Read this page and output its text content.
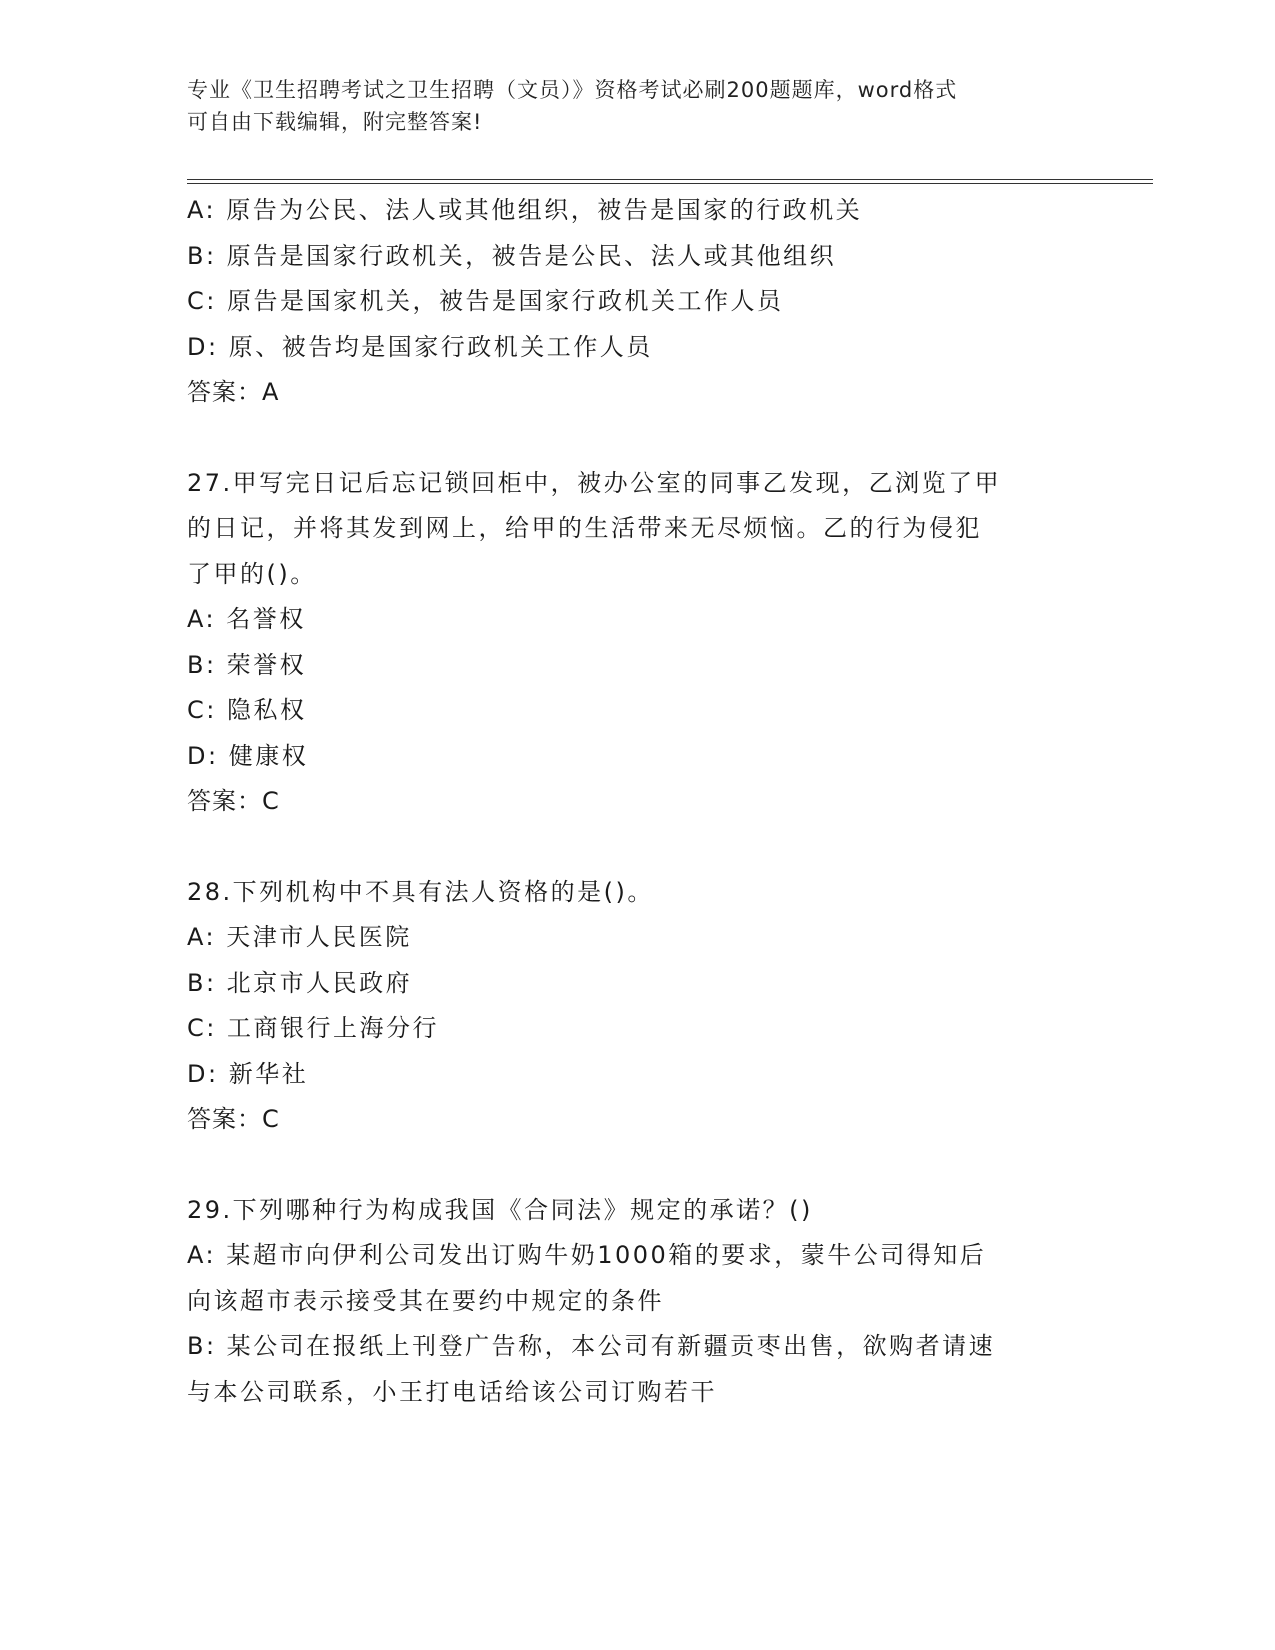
专业《卫生招聘考试之卫生招聘（文员）》资格考试必刷200题题库，word格式
可自由下载编辑，附完整答案!
A: 原告为公民、法人或其他组织，被告是国家的行政机关
B: 原告是国家行政机关，被告是公民、法人或其他组织
C: 原告是国家机关，被告是国家行政机关工作人员
D: 原、被告均是国家行政机关工作人员
答案：A
27.甲写完日记后忘记锁回柜中，被办公室的同事乙发现，乙浏览了甲
的日记，并将其发到网上，给甲的生活带来无尽烦恼。乙的行为侵犯
了甲的()。
A: 名誉权
B: 荣誉权
C: 隐私权
D: 健康权
答案：C
28.下列机构中不具有法人资格的是()。
A: 天津市人民医院
B: 北京市人民政府
C: 工商银行上海分行
D: 新华社
答案：C
29.下列哪种行为构成我国《合同法》规定的承诺？()
A: 某超市向伊利公司发出订购牛奶1000箱的要求，蒙牛公司得知后
向该超市表示接受其在要约中规定的条件
B: 某公司在报纸上刊登广告称，本公司有新疆贡枣出售，欲购者请速
与本公司联系，小王打电话给该公司订购若干
